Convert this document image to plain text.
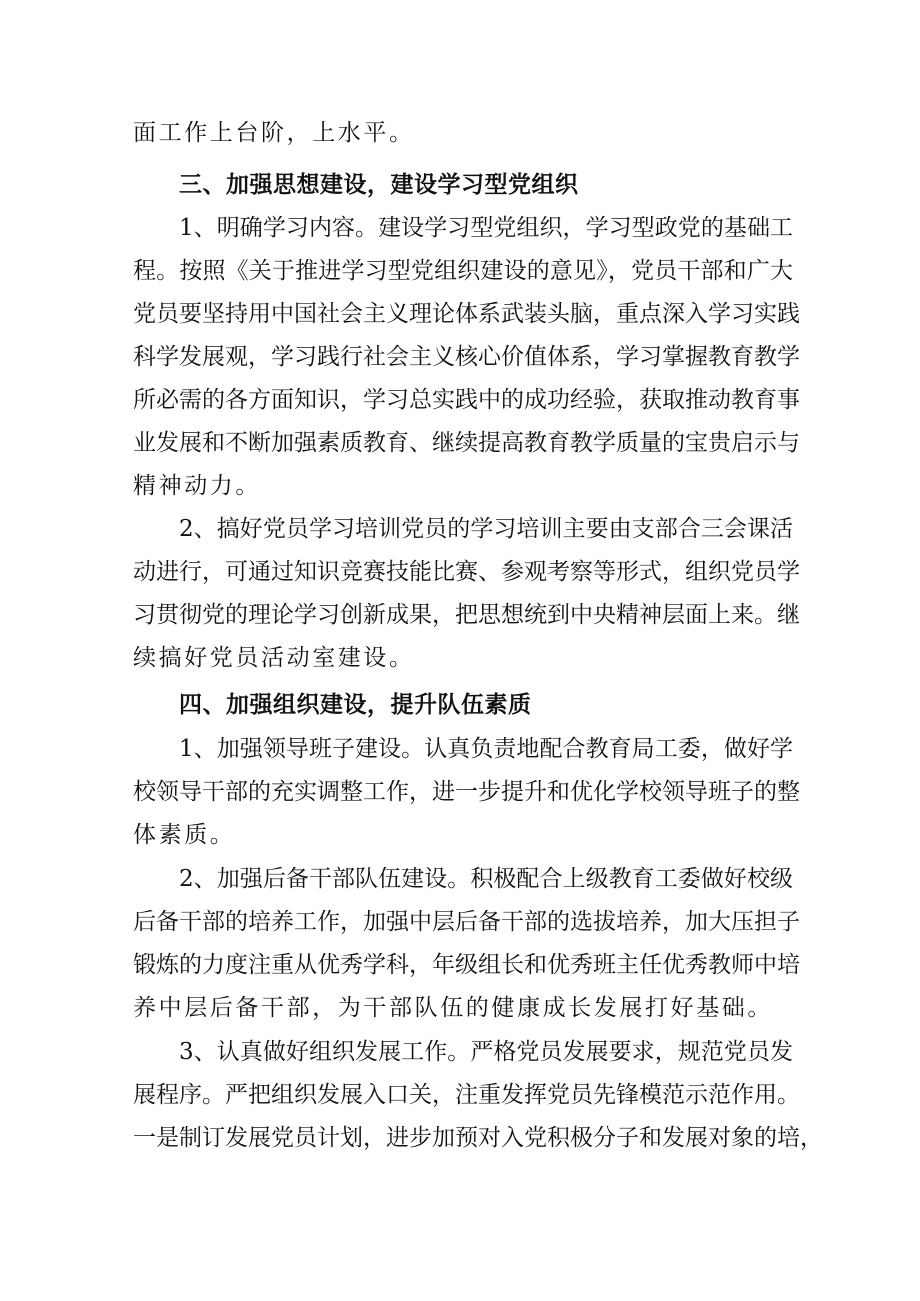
面工作上台阶，上水平。
三、加强思想建设，建设学习型党组织
1、明确学习内容。建设学习型党组织，学习型政党的基础工
程。按照《关于推进学习型党组织建设的意见》，党员干部和广大
党员要坚持用中国社会主义理论体系武装头脑，重点深入学习实践
科学发展观，学习践行社会主义核心价值体系，学习掌握教育教学
所必需的各方面知识，学习总实践中的成功经验，获取推动教育事
业发展和不断加强素质教育、继续提高教育教学质量的宝贵启示与
精神动力。
2、搞好党员学习培训党员的学习培训主要由支部合三会课活
动进行，可通过知识竞赛技能比赛、参观考察等形式，组织党员学
习贯彻党的理论学习创新成果，把思想统到中央精神层面上来。继
续搞好党员活动室建设。
四、加强组织建设，提升队伍素质
1、加强领导班子建设。认真负责地配合教育局工委，做好学
校领导干部的充实调整工作，进一步提升和优化学校领导班子的整
体素质。
2、加强后备干部队伍建设。积极配合上级教育工委做好校级
后备干部的培养工作，加强中层后备干部的选拔培养，加大压担子
锻炼的力度注重从优秀学科，年级组长和优秀班主任优秀教师中培
养中层后备干部，为干部队伍的健康成长发展打好基础。
3、认真做好组织发展工作。严格党员发展要求，规范党员发
展程序。严把组织发展入口关，注重发挥党员先锋模范示范作用。
一是制订发展党员计划，进步加预对入党积极分子和发展对象的培，
